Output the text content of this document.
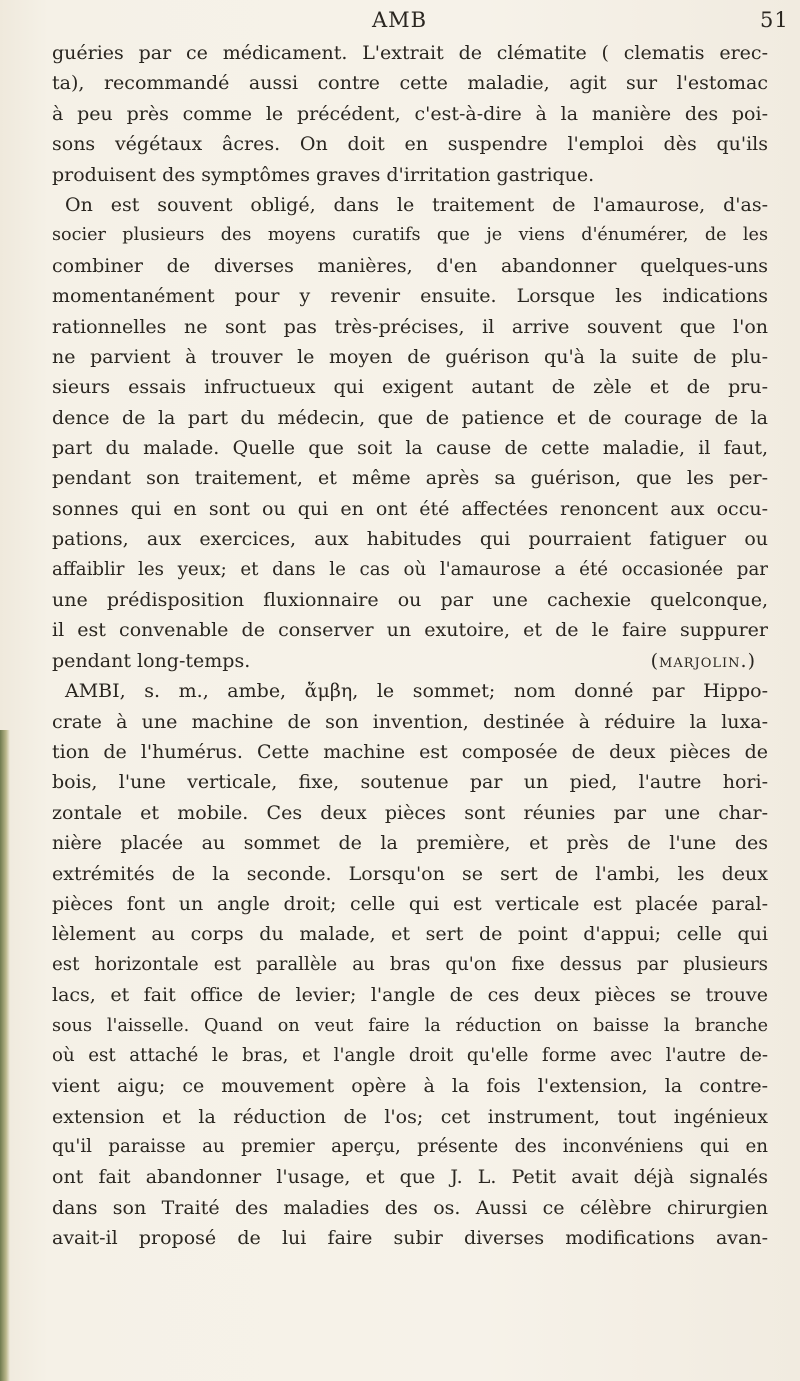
AMB	51
guéries par ce médicament. L'extrait de clématite ( clematis erec-
ta), recommandé aussi contre cette maladie, agit sur l'estomac
à peu près comme le précédent, c'est-à-dire à la manière des poi-
sons végétaux âcres. On doit en suspendre l'emploi dès qu'ils
produisent des symptômes graves d'irritation gastrique.
On est souvent obligé, dans le traitement de l'amaurose, d'as-
socier plusieurs des moyens curatifs que je viens d'énumérer, de les
combiner de diverses manières, d'en abandonner quelques-uns
momentanément pour y revenir ensuite. Lorsque les indications
rationnelles ne sont pas très-précises, il arrive souvent que l'on
ne parvient à trouver le moyen de guérison qu'à la suite de plu-
sieurs essais infructueux qui exigent autant de zèle et de pru-
dence de la part du médecin, que de patience et de courage de la
part du malade. Quelle que soit la cause de cette maladie, il faut,
pendant son traitement, et même après sa guérison, que les per-
sonnes qui en sont ou qui en ont été affectées renoncent aux occu-
pations, aux exercices, aux habitudes qui pourraient fatiguer ou
affaiblir les yeux; et dans le cas où l'amaurose a été occasionée par
une prédisposition fluxionnaire ou par une cachexie quelconque,
il est convenable de conserver un exutoire, et de le faire suppurer
pendant long-temps.	(marjolin.)
AMBI, s. m., ambe, ἄμβη, le sommet; nom donné par Hippo-
crate à une machine de son invention, destinée à réduire la luxa-
tion de l'humérus. Cette machine est composée de deux pièces de
bois, l'une verticale, fixe, soutenue par un pied, l'autre hori-
zontale et mobile. Ces deux pièces sont réunies par une char-
nière placée au sommet de la première, et près de l'une des
extrémités de la seconde. Lorsqu'on se sert de l'ambi, les deux
pièces font un angle droit; celle qui est verticale est placée paral-
lèlement au corps du malade, et sert de point d'appui; celle qui
est horizontale est parallèle au bras qu'on fixe dessus par plusieurs
lacs, et fait office de levier; l'angle de ces deux pièces se trouve
sous l'aisselle. Quand on veut faire la réduction on baisse la branche
où est attaché le bras, et l'angle droit qu'elle forme avec l'autre de-
vient aigu; ce mouvement opère à la fois l'extension, la contre-
extension et la réduction de l'os; cet instrument, tout ingénieux
qu'il paraisse au premier aperçu, présente des inconvéniens qui en
ont fait abandonner l'usage, et que J. L. Petit avait déjà signalés
dans son Traité des maladies des os. Aussi ce célèbre chirurgien
avait-il proposé de lui faire subir diverses modifications avan-
